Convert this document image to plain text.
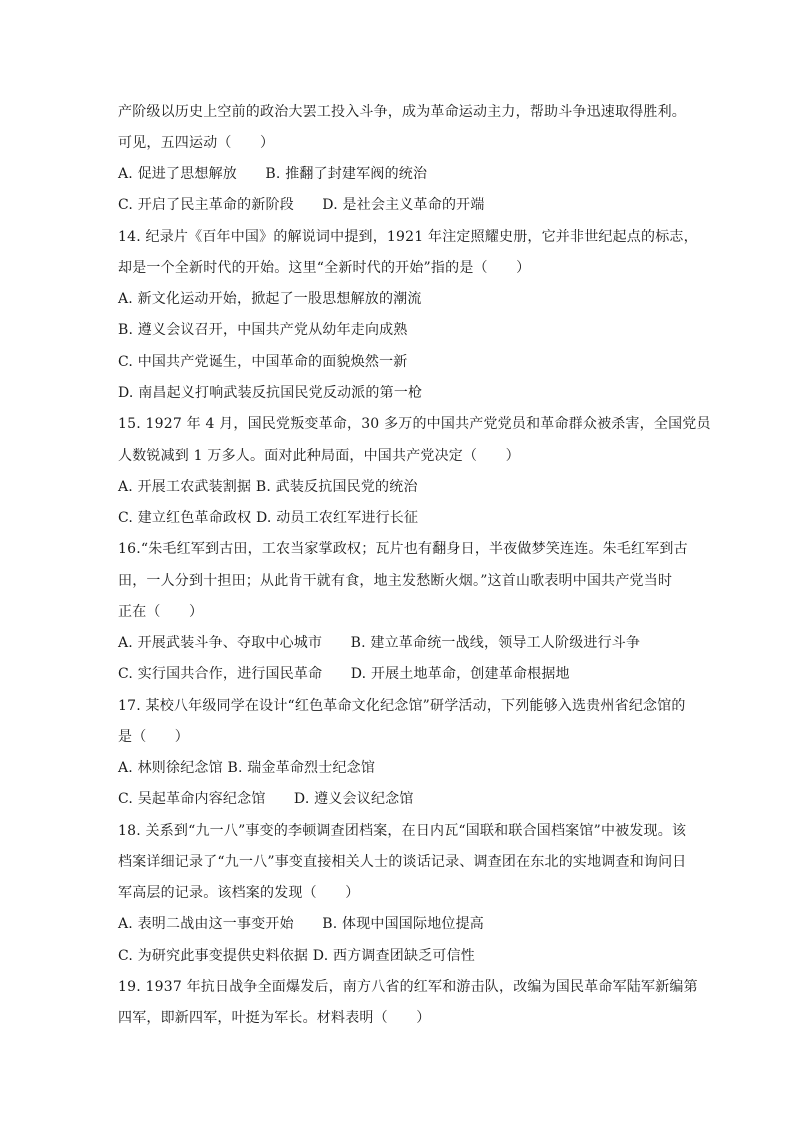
产阶级以历史上空前的政治大罢工投入斗争，成为革命运动主力，帮助斗争迅速取得胜利。
可见，五四运动（　　）
A. 促进了思想解放　　B. 推翻了封建军阀的统治
C. 开启了民主革命的新阶段　　D. 是社会主义革命的开端
14. 纪录片《百年中国》的解说词中提到，1921 年注定照耀史册，它并非世纪起点的标志，
却是一个全新时代的开始。这里“全新时代的开始”指的是（　　）
A. 新文化运动开始，掀起了一股思想解放的潮流
B. 遵义会议召开，中国共产党从幼年走向成熟
C. 中国共产党诞生，中国革命的面貌焕然一新
D. 南昌起义打响武装反抗国民党反动派的第一枪
15. 1927 年 4 月，国民党叛变革命，30 多万的中国共产党党员和革命群众被杀害，全国党员
人数锐减到 1 万多人。面对此种局面，中国共产党决定（　　）
A. 开展工农武装割据 B. 武装反抗国民党的统治
C. 建立红色革命政权 D. 动员工农红军进行长征
16.“朱毛红军到古田，工农当家掌政权；瓦片也有翻身日，半夜做梦笑连连。朱毛红军到古
田，一人分到十担田；从此肯干就有食，地主发愁断火烟。”这首山歌表明中国共产党当时
正在（　　）
A. 开展武装斗争、夺取中心城市　　B. 建立革命统一战线，领导工人阶级进行斗争
C. 实行国共合作，进行国民革命　　D. 开展土地革命，创建革命根据地
17. 某校八年级同学在设计“红色革命文化纪念馆”研学活动，下列能够入选贵州省纪念馆的
是（　　）
A. 林则徐纪念馆 B. 瑞金革命烈士纪念馆
C. 吴起革命内容纪念馆　　D. 遵义会议纪念馆
18. 关系到“九一八”事变的李顿调查团档案，在日内瓦“国联和联合国档案馆”中被发现。该
档案详细记录了“九一八”事变直接相关人士的谈话记录、调查团在东北的实地调查和询问日
军高层的记录。该档案的发现（　　）
A. 表明二战由这一事变开始　　B. 体现中国国际地位提高
C. 为研究此事变提供史料依据 D. 西方调查团缺乏可信性
19. 1937 年抗日战争全面爆发后，南方八省的红军和游击队，改编为国民革命军陆军新编第
四军，即新四军，叶挺为军长。材料表明（　　）
